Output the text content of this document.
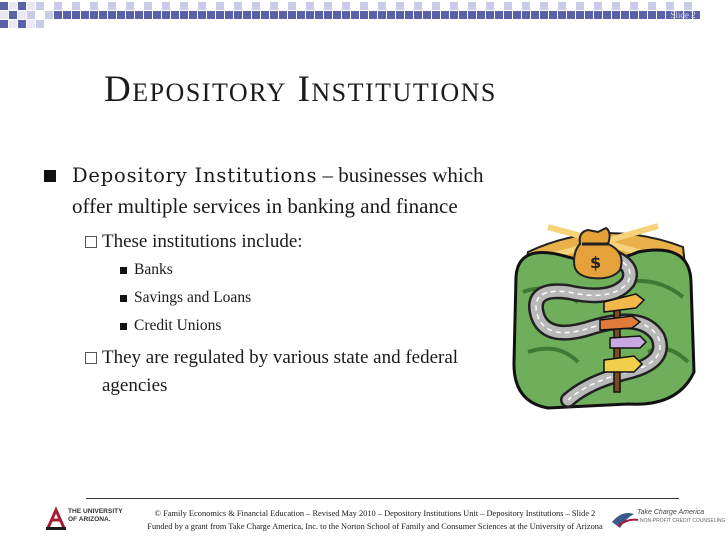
Slide 2
Depository Institutions
Depository Institutions – businesses which offer multiple services in banking and finance
These institutions include:
Banks
Savings and Loans
Credit Unions
They are regulated by various state and federal agencies
$
THE UNIVERSITY
OF ARIZONA.
© Family Economics & Financial Education – Revised May 2010 – Depository Institutions Unit – Depository Institutions – Slide 2
Funded by a grant from Take Charge America, Inc. to the Norton School of Family and Consumer Sciences at the University of Arizona
Take Charge America
NON-PROFIT CREDIT COUNSELING
